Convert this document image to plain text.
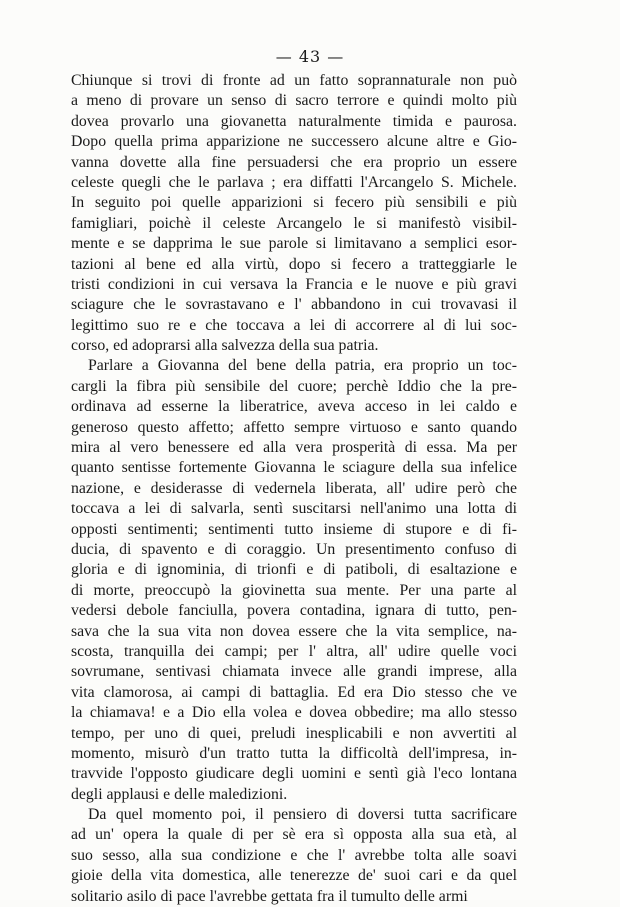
— 43 —
Chiunque si trovi di fronte ad un fatto soprannaturale non può
a meno di provare un senso di sacro terrore e quindi molto più
dovea provarlo una giovanetta naturalmente timida e paurosa.
Dopo quella prima apparizione ne successero alcune altre e Gio-
vanna dovette alla fine persuadersi che era proprio un essere
celeste quegli che le parlava ; era diffatti l'Arcangelo S. Michele.
In seguito poi quelle apparizioni si fecero più sensibili e più
famigliari, poichè il celeste Arcangelo le si manifestò visibil-
mente e se dapprima le sue parole si limitavano a semplici esor-
tazioni al bene ed alla virtù, dopo si fecero a tratteggiarle le
tristi condizioni in cui versava la Francia e le nuove e più gravi
sciagure che le sovrastavano e l' abbandono in cui trovavasi il
legittimo suo re e che toccava a lei di accorrere al di lui soc-
corso, ed adoprarsi alla salvezza della sua patria.
Parlare a Giovanna del bene della patria, era proprio un toc-
cargli la fibra più sensibile del cuore; perchè Iddio che la pre-
ordinava ad esserne la liberatrice, aveva acceso in lei caldo e
generoso questo affetto; affetto sempre virtuoso e santo quando
mira al vero benessere ed alla vera prosperità di essa. Ma per
quanto sentisse fortemente Giovanna le sciagure della sua infelice
nazione, e desiderasse di vedernela liberata, all' udire però che
toccava a lei di salvarla, sentì suscitarsi nell'animo una lotta di
opposti sentimenti; sentimenti tutto insieme di stupore e di fi-
ducia, di spavento e di coraggio. Un presentimento confuso di
gloria e di ignominia, di trionfi e di patiboli, di esaltazione e
di morte, preoccupò la giovinetta sua mente. Per una parte al
vedersi debole fanciulla, povera contadina, ignara di tutto, pen-
sava che la sua vita non dovea essere che la vita semplice, na-
scosta, tranquilla dei campi; per l' altra, all' udire quelle voci
sovrumane, sentivasi chiamata invece alle grandi imprese, alla
vita clamorosa, ai campi di battaglia. Ed era Dio stesso che ve
la chiamava! e a Dio ella volea e dovea obbedire; ma allo stesso
tempo, per uno di quei, preludi inesplicabili e non avvertiti al
momento, misurò d'un tratto tutta la difficoltà dell'impresa, in-
travvide l'opposto giudicare degli uomini e sentì già l'eco lontana
degli applausi e delle maledizioni.
Da quel momento poi, il pensiero di doversi tutta sacrificare
ad un' opera la quale di per sè era sì opposta alla sua età, al
suo sesso, alla sua condizione e che l' avrebbe tolta alle soavi
gioie della vita domestica, alle tenerezze de' suoi cari e da quel
solitario asilo di pace l'avrebbe gettata fra il tumulto delle armi
